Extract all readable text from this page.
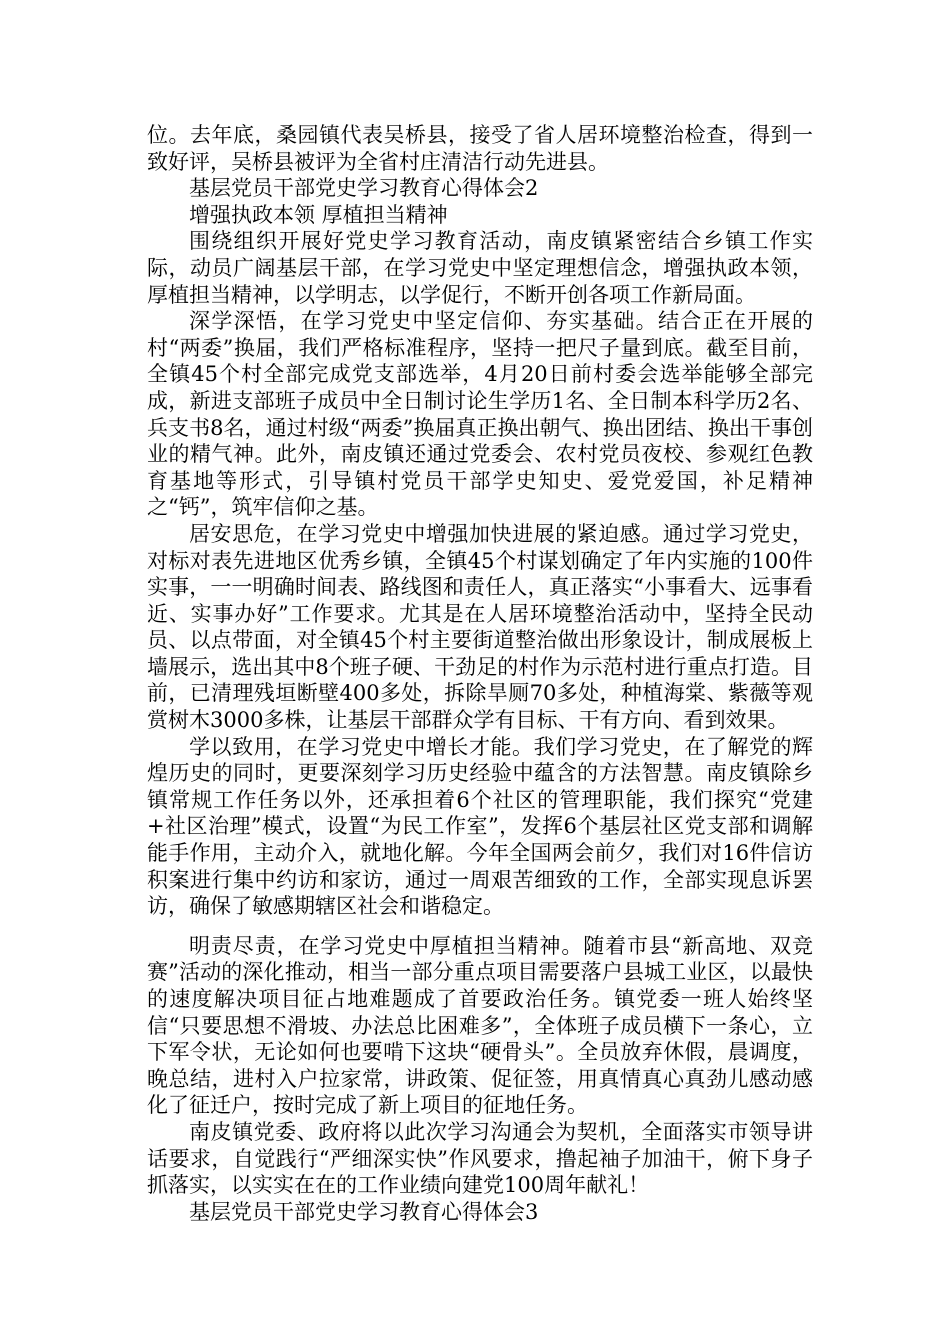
位。去年底，桑园镇代表吴桥县，接受了省人居环境整治检查，得到一致好评，吴桥县被评为全省村庄清洁行动先进县。

基层党员干部党史学习教育心得体会2

增强执政本领 厚植担当精神

围绕组织开展好党史学习教育活动，南皮镇紧密结合乡镇工作实际，动员广阔基层干部，在学习党史中坚定理想信念，增强执政本领，厚植担当精神，以学明志，以学促行，不断开创各项工作新局面。

深学深悟，在学习党史中坚定信仰、夯实基础。结合正在开展的村“两委”换届，我们严格标准程序，坚持一把尺子量到底。截至目前，全镇45个村全部完成党支部选举，4月20日前村委会选举能够全部完成，新进支部班子成员中全日制讨论生学历1名、全日制本科学历2名、兵支书8名，通过村级“两委”换届真正换出朝气、换出团结、换出干事创业的精气神。此外，南皮镇还通过党委会、农村党员夜校、参观红色教育基地等形式，引导镇村党员干部学史知史、爱党爱国，补足精神之“钙”，筑牢信仰之基。

居安思危，在学习党史中增强加快进展的紧迫感。通过学习党史，对标对表先进地区优秀乡镇，全镇45个村谋划确定了年内实施的100件实事，一一明确时间表、路线图和责任人，真正落实“小事看大、远事看近、实事办好”工作要求。尤其是在人居环境整治活动中，坚持全民动员、以点带面，对全镇45个村主要街道整治做出形象设计，制成展板上墙展示，选出其中8个班子硬、干劲足的村作为示范村进行重点打造。目前，已清理残垣断壁400多处，拆除旱厕70多处，种植海棠、紫薇等观赏树木3000多株，让基层干部群众学有目标、干有方向、看到效果。

学以致用，在学习党史中增长才能。我们学习党史，在了解党的辉煌历史的同时，更要深刻学习历史经验中蕴含的方法智慧。南皮镇除乡镇常规工作任务以外，还承担着6个社区的管理职能，我们探究“党建+社区治理”模式，设置“为民工作室”，发挥6个基层社区党支部和调解能手作用，主动介入，就地化解。今年全国两会前夕，我们对16件信访积案进行集中约访和家访，通过一周艰苦细致的工作，全部实现息诉罢访，确保了敏感期辖区社会和谐稳定。

明责尽责，在学习党史中厚植担当精神。随着市县“新高地、双竞赛”活动的深化推动，相当一部分重点项目需要落户县城工业区，以最快的速度解决项目征占地难题成了首要政治任务。镇党委一班人始终坚信“只要思想不滑坡、办法总比困难多”，全体班子成员横下一条心，立下军令状，无论如何也要啃下这块“硬骨头”。全员放弃休假，晨调度，晚总结，进村入户拉家常，讲政策、促征签，用真情真心真劲儿感动感化了征迁户，按时完成了新上项目的征地任务。

南皮镇党委、政府将以此次学习沟通会为契机，全面落实市领导讲话要求，自觉践行“严细深实快”作风要求，撸起袖子加油干，俯下身子抓落实，以实实在在的工作业绩向建党100周年献礼！

基层党员干部党史学习教育心得体会3
